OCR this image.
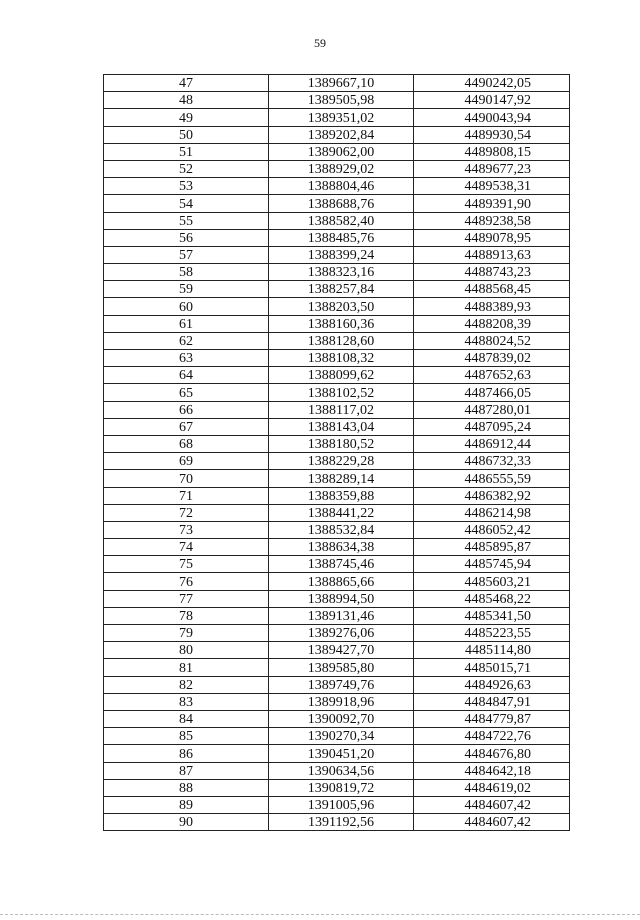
59
47	1389667,10	4490242,05
48	1389505,98	4490147,92
49	1389351,02	4490043,94
50	1389202,84	4489930,54
51	1389062,00	4489808,15
52	1388929,02	4489677,23
53	1388804,46	4489538,31
54	1388688,76	4489391,90
55	1388582,40	4489238,58
56	1388485,76	4489078,95
57	1388399,24	4488913,63
58	1388323,16	4488743,23
59	1388257,84	4488568,45
60	1388203,50	4488389,93
61	1388160,36	4488208,39
62	1388128,60	4488024,52
63	1388108,32	4487839,02
64	1388099,62	4487652,63
65	1388102,52	4487466,05
66	1388117,02	4487280,01
67	1388143,04	4487095,24
68	1388180,52	4486912,44
69	1388229,28	4486732,33
70	1388289,14	4486555,59
71	1388359,88	4486382,92
72	1388441,22	4486214,98
73	1388532,84	4486052,42
74	1388634,38	4485895,87
75	1388745,46	4485745,94
76	1388865,66	4485603,21
77	1388994,50	4485468,22
78	1389131,46	4485341,50
79	1389276,06	4485223,55
80	1389427,70	4485114,80
81	1389585,80	4485015,71
82	1389749,76	4484926,63
83	1389918,96	4484847,91
84	1390092,70	4484779,87
85	1390270,34	4484722,76
86	1390451,20	4484676,80
87	1390634,56	4484642,18
88	1390819,72	4484619,02
89	1391005,96	4484607,42
90	1391192,56	4484607,42
